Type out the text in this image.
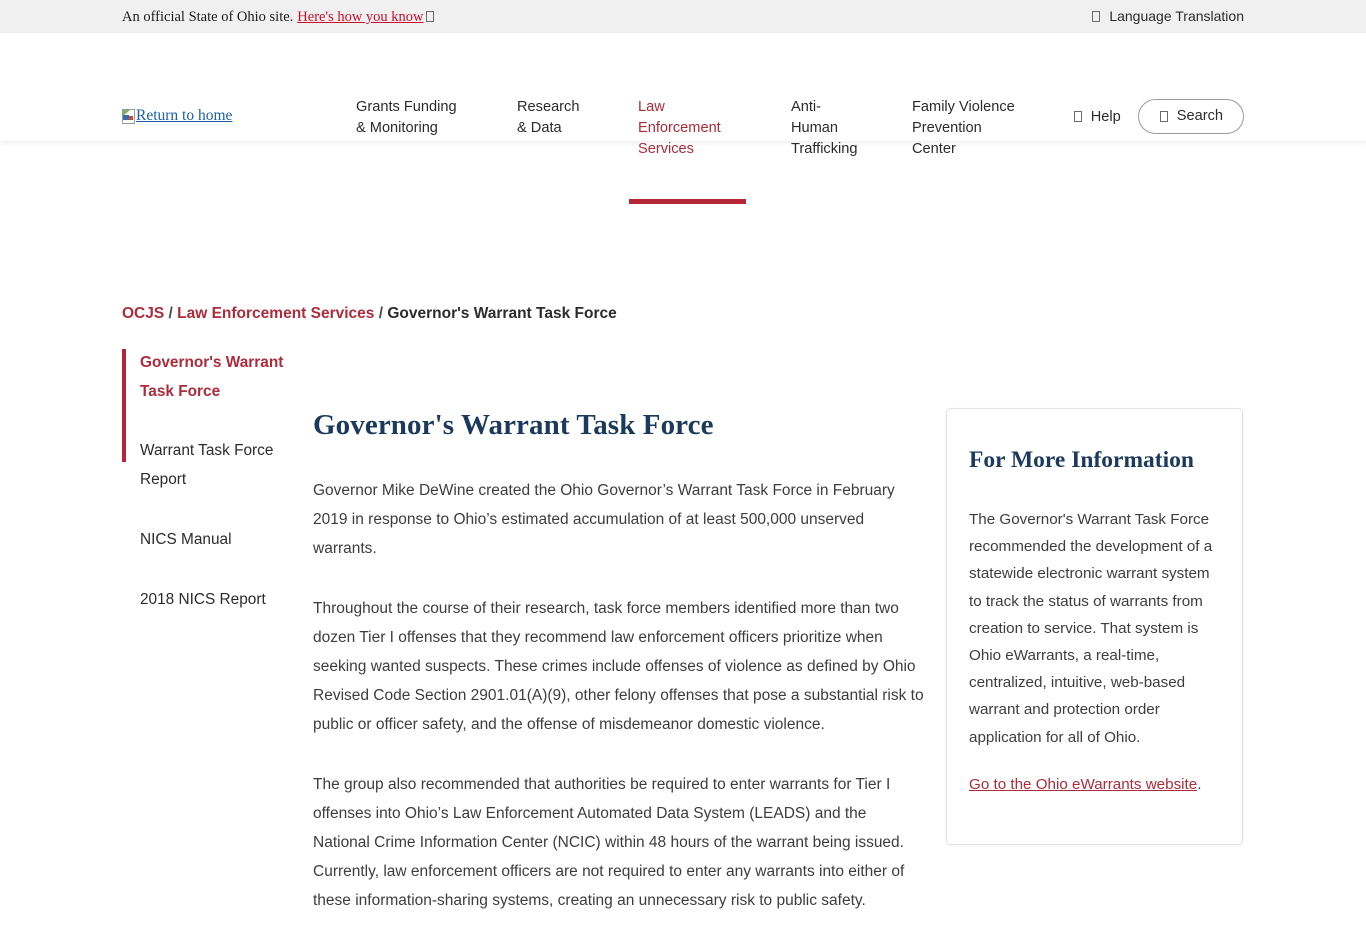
An official State of Ohio site. Here's how you know	Language Translation
Return to home	Grants Funding & Monitoring
Research & Data
Law Enforcement Services
Anti-Human Trafficking
Family Violence Prevention Center
Help	Search
OCJS / Law Enforcement Services / Governor's Warrant Task Force
Governor's Warrant Task Force
Warrant Task Force Report
NICS Manual
2018 NICS Report
Governor's Warrant Task Force

Governor Mike DeWine created the Ohio Governor’s Warrant Task Force in February 2019 in response to Ohio’s estimated accumulation of at least 500,000 unserved warrants.

Throughout the course of their research, task force members identified more than two dozen Tier I offenses that they recommend law enforcement officers prioritize when seeking wanted suspects. These crimes include offenses of violence as defined by Ohio Revised Code Section 2901.01(A)(9), other felony offenses that pose a substantial risk to public or officer safety, and the offense of misdemeanor domestic violence.

The group also recommended that authorities be required to enter warrants for Tier I offenses into Ohio’s Law Enforcement Automated Data System (LEADS) and the National Crime Information Center (NCIC) within 48 hours of the warrant being issued. Currently, law enforcement officers are not required to enter any warrants into either of these information-sharing systems, creating an unnecessary risk to public safety.

For More Information

The Governor's Warrant Task Force recommended the development of a statewide electronic warrant system to track the status of warrants from creation to service. That system is Ohio eWarrants, a real-time, centralized, intuitive, web-based warrant and protection order application for all of Ohio.

Go to the Ohio eWarrants website.
